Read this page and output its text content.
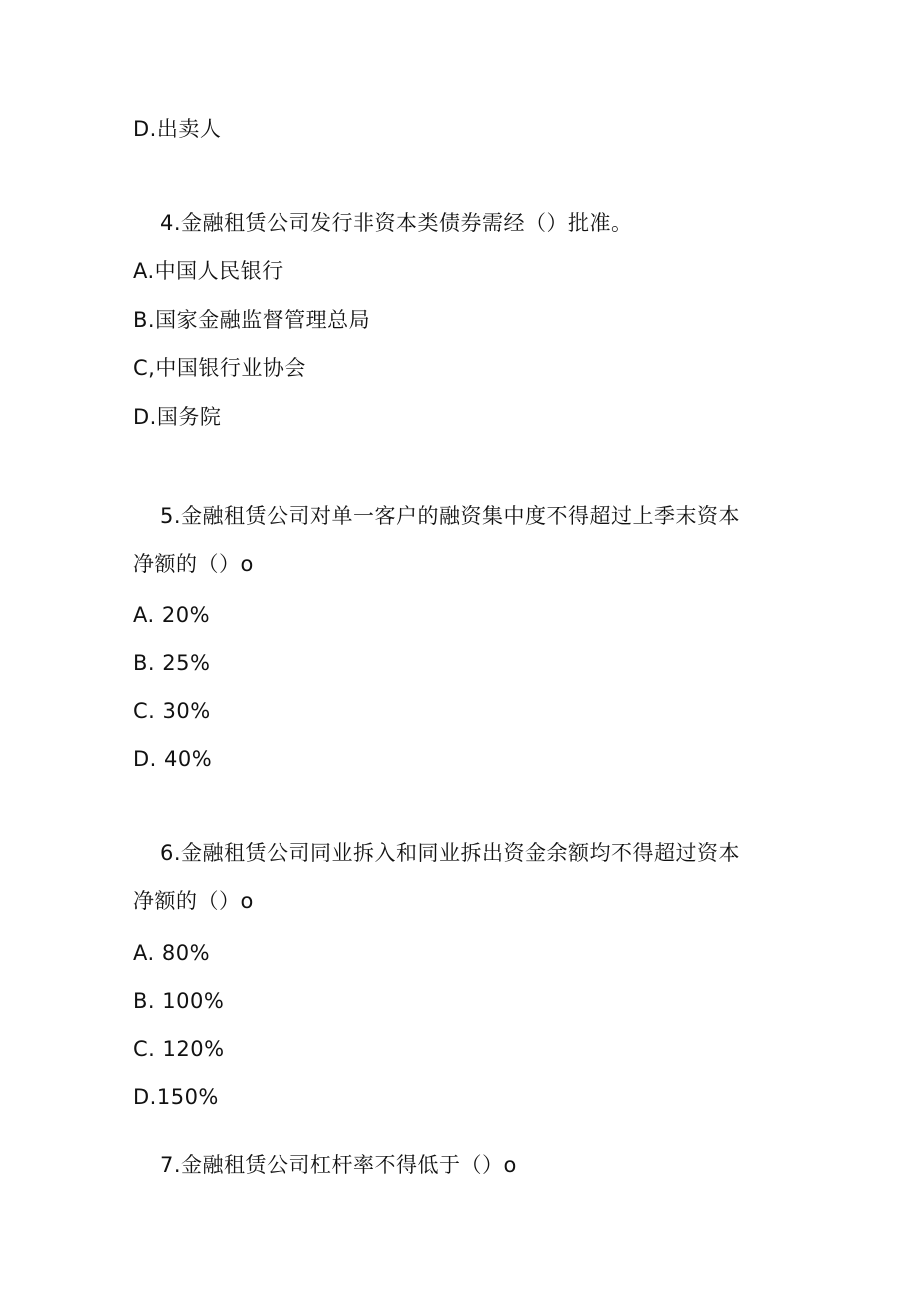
D.出卖人
4.金融租赁公司发行非资本类债券需经（）批准。
A.中国人民银行
B.国家金融监督管理总局
C,中国银行业协会
D.国务院
5.金融租赁公司对单一客户的融资集中度不得超过上季末资本
净额的（）o
A. 20%
B. 25%
C. 30%
D. 40%
6.金融租赁公司同业拆入和同业拆出资金余额均不得超过资本
净额的（）o
A. 80%
B. 100%
C. 120%
D.150%
7.金融租赁公司杠杆率不得低于（）o
